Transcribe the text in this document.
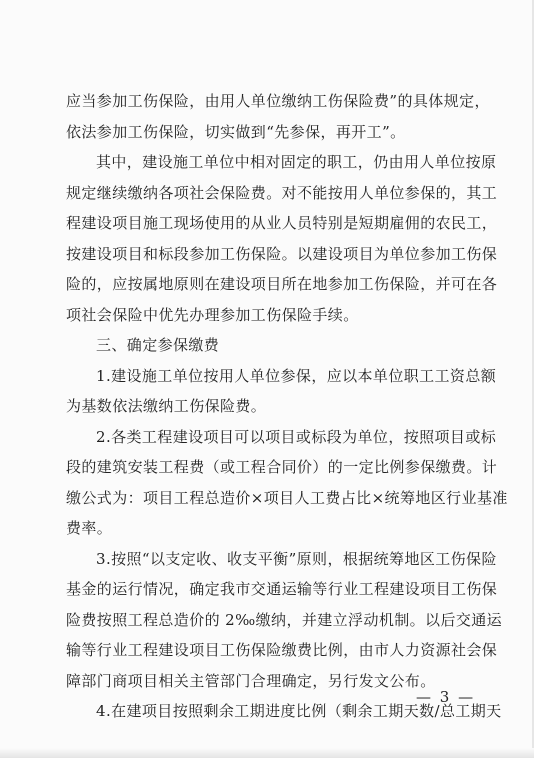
应当参加工伤保险，由用人单位缴纳工伤保险费”的具体规定，
依法参加工伤保险，切实做到“先参保，再开工”。
其中，建设施工单位中相对固定的职工，仍由用人单位按原
规定继续缴纳各项社会保险费。对不能按用人单位参保的，其工
程建设项目施工现场使用的从业人员特别是短期雇佣的农民工，
按建设项目和标段参加工伤保险。以建设项目为单位参加工伤保
险的，应按属地原则在建设项目所在地参加工伤保险，并可在各
项社会保险中优先办理参加工伤保险手续。
三、确定参保缴费
1.建设施工单位按用人单位参保，应以本单位职工工资总额
为基数依法缴纳工伤保险费。
2.各类工程建设项目可以项目或标段为单位，按照项目或标
段的建筑安装工程费（或工程合同价）的一定比例参保缴费。计
缴公式为：项目工程总造价×项目人工费占比×统筹地区行业基准
费率。
3.按照“以支定收、收支平衡”原则，根据统筹地区工伤保险
基金的运行情况，确定我市交通运输等行业工程建设项目工伤保
险费按照工程总造价的 2‰缴纳，并建立浮动机制。以后交通运
输等行业工程建设项目工伤保险缴费比例，由市人力资源社会保
障部门商项目相关主管部门合理确定，另行发文公布。
4.在建项目按照剩余工期进度比例（剩余工期天数/总工期天
— 3 —
